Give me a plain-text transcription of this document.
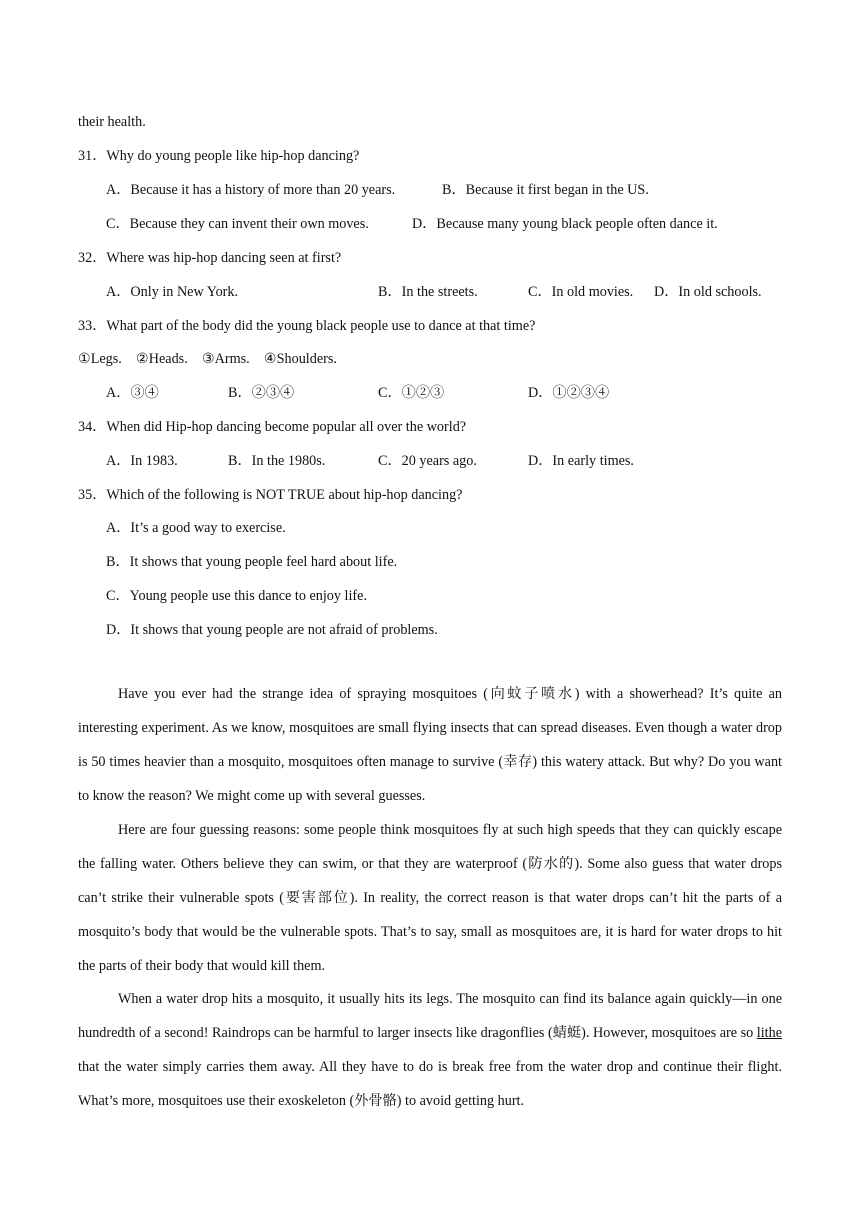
their health.
31．Why do young people like hip-hop dancing?
A．Because it has a history of more than 20 years.	B．Because it first began in the US.
C．Because they can invent their own moves.	D．Because many young black people often dance it.
32．Where was hip-hop dancing seen at first?
A．Only in New York.	B．In the streets.	C．In old movies. D．In old schools.
33．What part of the body did the young black people use to dance at that time?
①Legs.    ②Heads.    ③Arms.    ④Shoulders.
A．③④	B．②③④	C．①②③	D．①②③④
34．When did Hip-hop dancing become popular all over the world?
A．In 1983.	B．In the 1980s.	C．20 years ago.	D．In early times.
35．Which of the following is NOT TRUE about hip-hop dancing?
A．It’s a good way to exercise.
B．It shows that young people feel hard about life.
C．Young people use this dance to enjoy life.
D．It shows that young people are not afraid of problems.

Have you ever had the strange idea of spraying mosquitoes (向蚊子喷水) with a showerhead? It’s quite an interesting experiment. As we know, mosquitoes are small flying insects that can spread diseases. Even though a water drop is 50 times heavier than a mosquito, mosquitoes often manage to survive (幸存) this watery attack. But why? Do you want to know the reason? We might come up with several guesses.

Here are four guessing reasons: some people think mosquitoes fly at such high speeds that they can quickly escape the falling water. Others believe they can swim, or that they are waterproof (防水的). Some also guess that water drops can’t strike their vulnerable spots (要害部位). In reality, the correct reason is that water drops can’t hit the parts of a mosquito’s body that would be the vulnerable spots. That’s to say, small as mosquitoes are, it is hard for water drops to hit the parts of their body that would kill them.

When a water drop hits a mosquito, it usually hits its legs. The mosquito can find its balance again quickly—in one hundredth of a second! Raindrops can be harmful to larger insects like dragonflies (蜻蜓). However, mosquitoes are so lithe that the water simply carries them away. All they have to do is break free from the water drop and continue their flight. What’s more, mosquitoes use their exoskeleton (外骨骼) to avoid getting hurt.
